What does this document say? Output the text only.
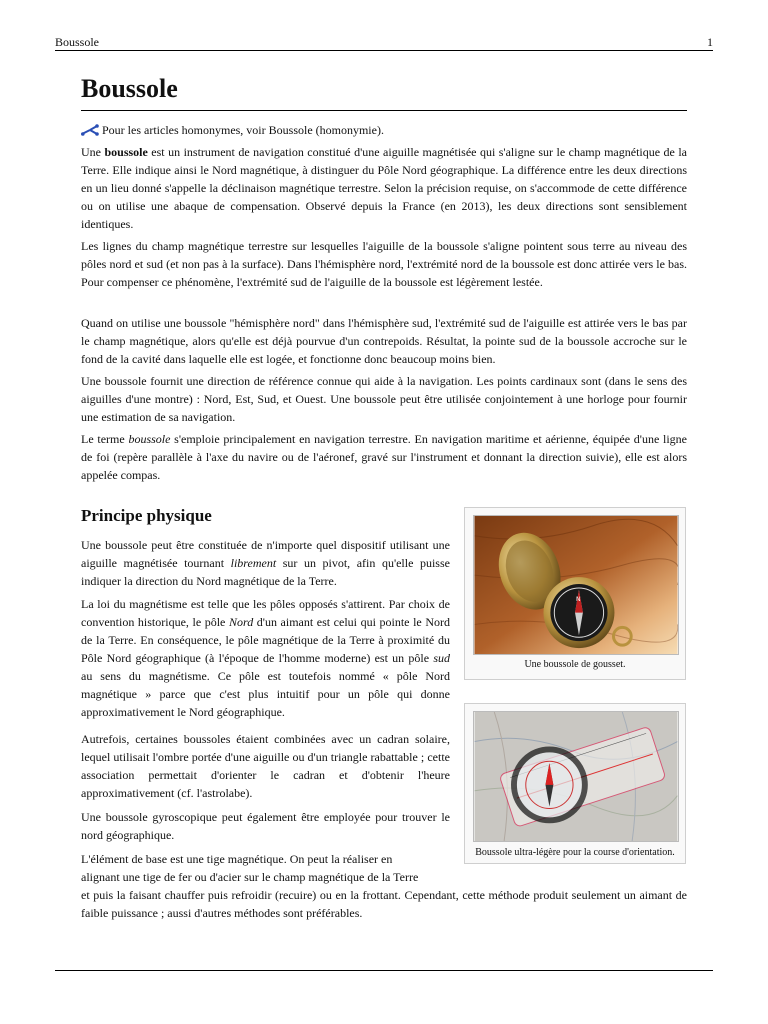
Boussole	1
Boussole

Pour les articles homonymes, voir Boussole (homonymie).

Une boussole est un instrument de navigation constitué d'une aiguille magnétisée qui s'aligne sur le champ magnétique de la Terre. Elle indique ainsi le Nord magnétique, à distinguer du Pôle Nord géographique. La différence entre les deux directions en un lieu donné s'appelle la déclinaison magnétique terrestre. Selon la précision requise, on s'accommode de cette différence ou on utilise une abaque de compensation. Observé depuis la France (en 2013), les deux directions sont sensiblement identiques.

Les lignes du champ magnétique terrestre sur lesquelles l'aiguille de la boussole s'aligne pointent sous terre au niveau des pôles nord et sud (et non pas à la surface). Dans l'hémisphère nord, l'extrémité nord de la boussole est donc attirée vers le bas. Pour compenser ce phénomène, l'extrémité sud de l'aiguille de la boussole est légèrement lestée.

Quand on utilise une boussole "hémisphère nord" dans l'hémisphère sud, l'extrémité sud de l'aiguille est attirée vers le bas par le champ magnétique, alors qu'elle est déjà pourvue d'un contrepoids. Résultat, la pointe sud de la boussole accroche sur le fond de la cavité dans laquelle elle est logée, et fonctionne donc beaucoup moins bien.

Une boussole fournit une direction de référence connue qui aide à la navigation. Les points cardinaux sont (dans le sens des aiguilles d'une montre) : Nord, Est, Sud, et Ouest. Une boussole peut être utilisée conjointement à une horloge pour fournir une estimation de sa navigation.

Le terme boussole s'emploie principalement en navigation terrestre. En navigation maritime et aérienne, équipée d'une ligne de foi (repère parallèle à l'axe du navire ou de l'aéronef, gravé sur l'instrument et donnant la direction suivie), elle est alors appelée compas.

Principe physique

Une boussole peut être constituée de n'importe quel dispositif utilisant une aiguille magnétisée tournant librement sur un pivot, afin qu'elle puisse indiquer la direction du Nord magnétique de la Terre.

La loi du magnétisme est telle que les pôles opposés s'attirent. Par choix de convention historique, le pôle Nord d'un aimant est celui qui pointe le Nord de la Terre. En conséquence, le pôle magnétique de la Terre à proximité du Pôle Nord géographique (à l'époque de l'homme moderne) est un pôle sud au sens du magnétisme. Ce pôle est toutefois nommé « pôle Nord magnétique » parce que c'est plus intuitif pour un pôle qui donne approximativement le Nord géographique.

Autrefois, certaines boussoles étaient combinées avec un cadran solaire, lequel utilisait l'ombre portée d'une aiguille ou d'un triangle rabattable ; cette association permettait d'orienter le cadran et d'obtenir l'heure approximativement (cf. l'astrolabe).

Une boussole gyroscopique peut également être employée pour trouver le nord géographique.

L'élément de base est une tige magnétique. On peut la réaliser en
alignant une tige de fer ou d'acier sur le champ magnétique de la Terre

et puis la faisant chauffer puis refroidir (recuire) ou en la frottant. Cependant, cette méthode produit seulement un aimant de faible puissance ; aussi d'autres méthodes sont préférables.

N
Une boussole de gousset.
Boussole ultra-légère pour la course d'orientation.
